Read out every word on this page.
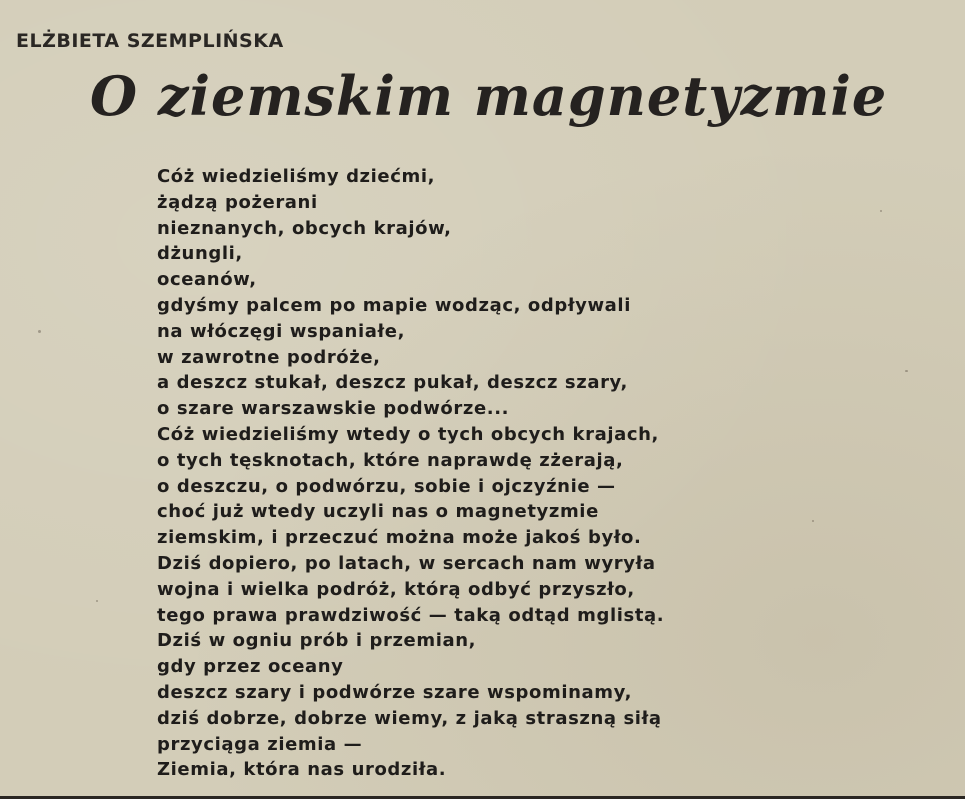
ELŻBIETA SZEMPLIŃSKA
O ziemskim magnetyzmie
Cóż wiedzieliśmy dziećmi,
żądzą pożerani
nieznanych, obcych krajów,
dżungli,
oceanów,
gdyśmy palcem po mapie wodząc, odpływali
na włóczęgi wspaniałe,
w zawrotne podróże,
a deszcz stukał, deszcz pukał, deszcz szary,
o szare warszawskie podwórze...
Cóż wiedzieliśmy wtedy o tych obcych krajach,
o tych tęsknotach, które naprawdę zżerają,
o deszczu, o podwórzu, sobie i ojczyźnie —
choć już wtedy uczyli nas o magnetyzmie
ziemskim, i przeczuć można może jakoś było.
Dziś dopiero, po latach, w sercach nam wyryła
wojna i wielka podróż, którą odbyć przyszło,
tego prawa prawdziwość — taką odtąd mglistą.
Dziś w ogniu prób i przemian,
gdy przez oceany
deszcz szary i podwórze szare wspominamy,
dziś dobrze, dobrze wiemy, z jaką straszną siłą
przyciąga ziemia —
Ziemia, która nas urodziła.
